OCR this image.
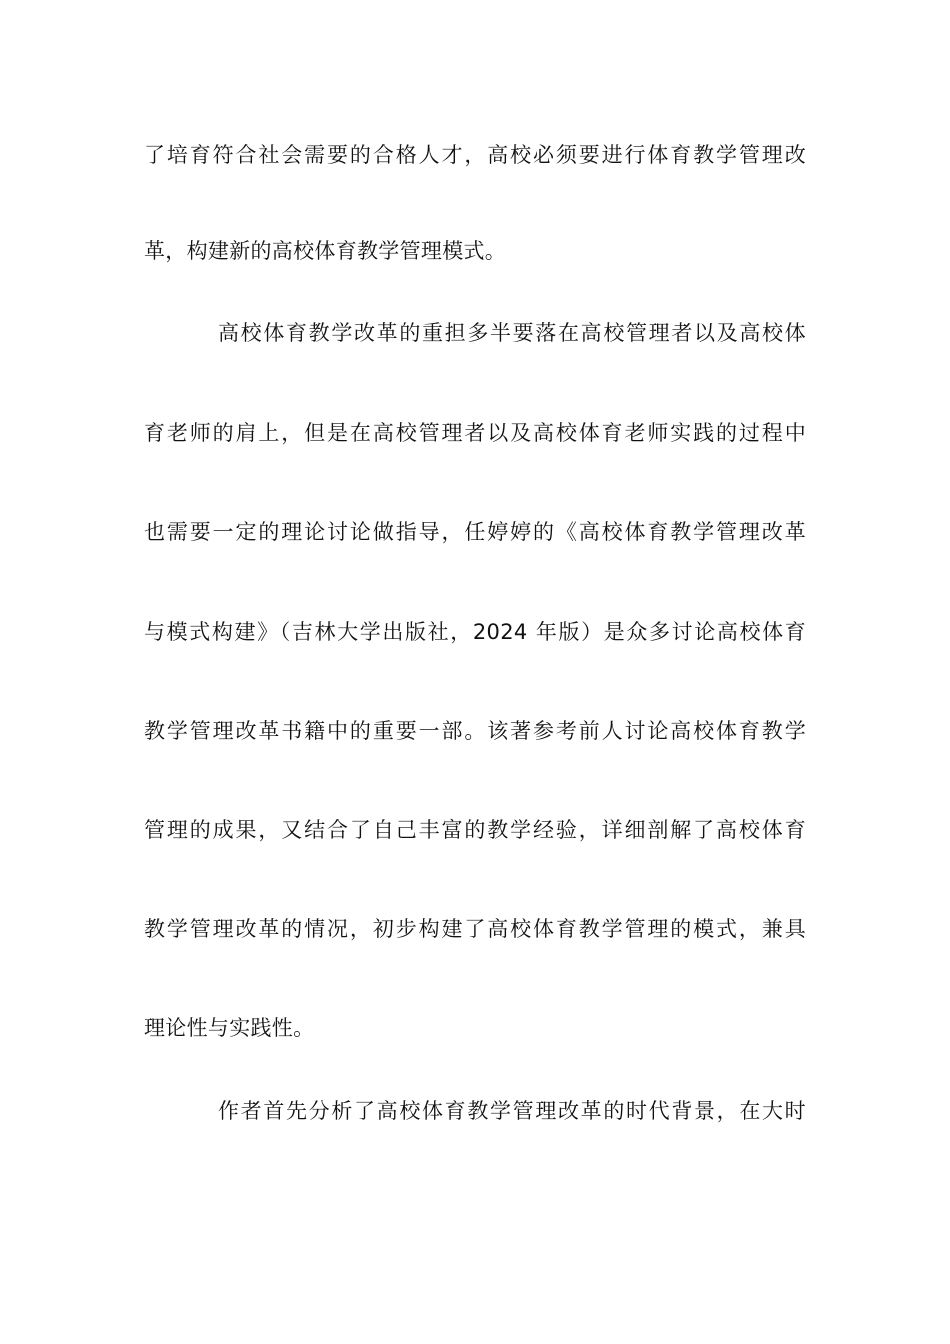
了培育符合社会需要的合格人才，高校必须要进行体育教学管理改
革，构建新的高校体育教学管理模式。
高校体育教学改革的重担多半要落在高校管理者以及高校体
育老师的肩上，但是在高校管理者以及高校体育老师实践的过程中
也需要一定的理论讨论做指导，任婷婷的《高校体育教学管理改革
与模式构建》（吉林大学出版社，2024 年版）是众多讨论高校体育
教学管理改革书籍中的重要一部。该著参考前人讨论高校体育教学
管理的成果，又结合了自己丰富的教学经验，详细剖解了高校体育
教学管理改革的情况，初步构建了高校体育教学管理的模式，兼具
理论性与实践性。
作者首先分析了高校体育教学管理改革的时代背景，在大时
